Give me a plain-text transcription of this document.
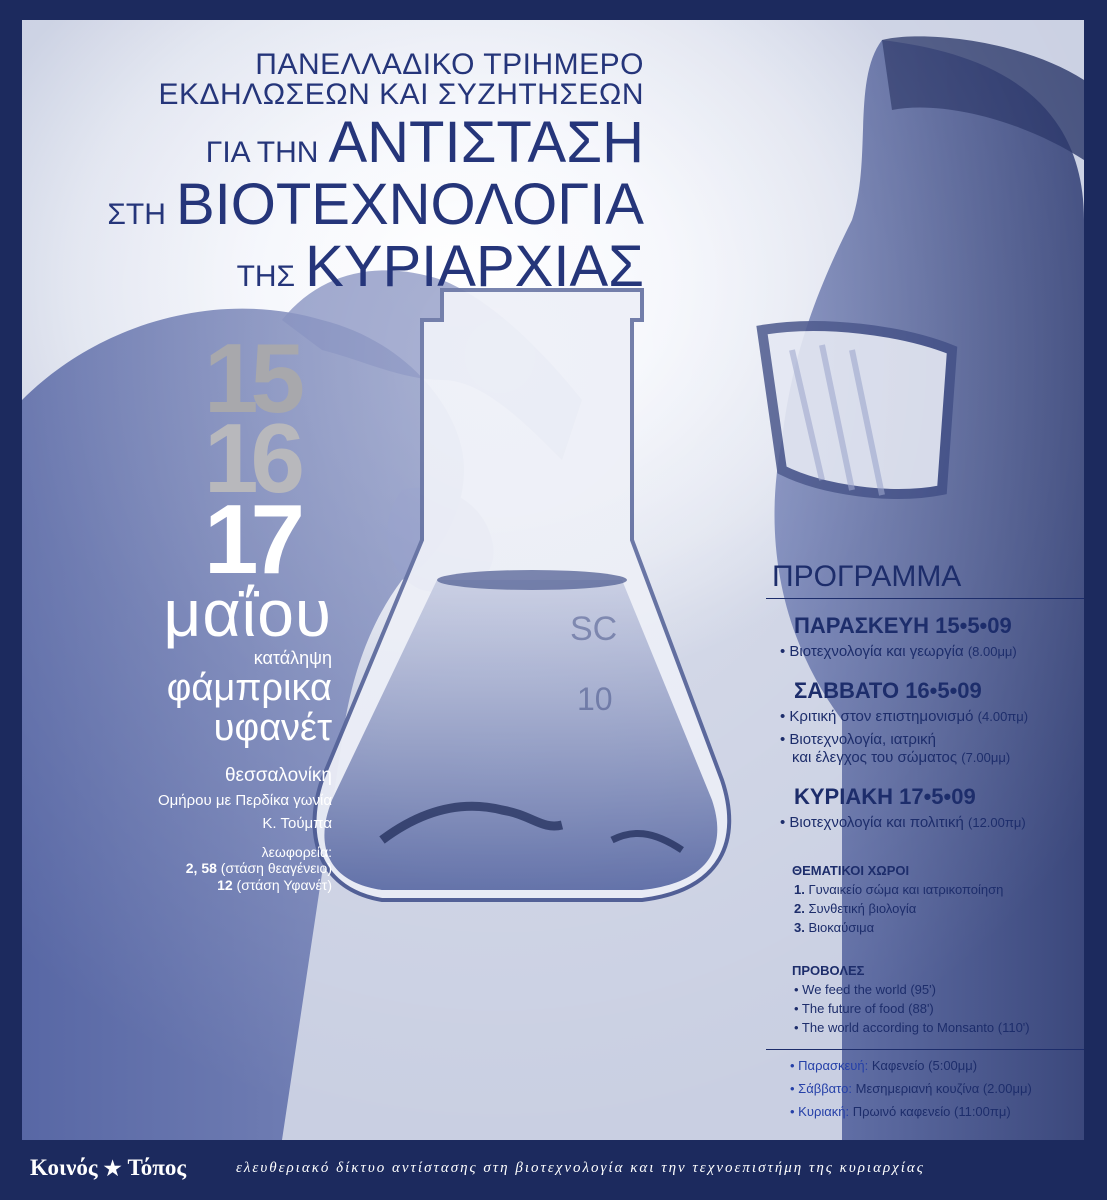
SC
10
ΠΑΝΕΛΛΑΔΙΚΟ ΤΡΙΗΜΕΡΟ
ΕΚΔΗΛΩΣΕΩΝ ΚΑΙ ΣΥΖΗΤΗΣΕΩΝ
ΓΙΑ ΤΗΝ ΑΝΤΙΣΤΑΣΗ
ΣΤΗ ΒΙΟΤΕΧΝΟΛΟΓΙΑ
ΤΗΣ ΚΥΡΙΑΡΧΙΑΣ
15
16
17
μαΐου
κατάληψη
φάμπρικα
υφανέτ
θεσσαλονίκη
Ομήρου με Περδίκα γωνία
Κ. Τούμπα
λεωφορεία:
2, 58 (στάση θεαγένειο)
12 (στάση Υφανέτ)
ΠΡΟΓΡΑΜΜΑ
ΠΑΡΑΣΚΕΥΗ 15•5•09
• Βιοτεχνολογία και γεωργία (8.00μμ)
ΣΑΒΒΑΤΟ 16•5•09
• Κριτική στον επιστημονισμό (4.00πμ)
• Βιοτεχνολογία, ιατρική
και έλεγχος του σώματος (7.00μμ)
ΚΥΡΙΑΚΗ 17•5•09
• Βιοτεχνολογία και πολιτική (12.00πμ)
ΘΕΜΑΤΙΚΟΙ ΧΩΡΟΙ
1. Γυναικείο σώμα και ιατρικοποίηση
2. Συνθετική βιολογία
3. Βιοκαύσιμα
ΠΡΟΒΟΛΕΣ
• We feed the world (95')
• The future of food (88')
• The world according to Monsanto (110')
• Παρασκευή: Καφενείο (5:00μμ)
• Σάββατο: Μεσημεριανή κουζίνα (2.00μμ)
• Κυριακή: Πρωινό καφενείο (11:00πμ)
Κοινός ★ Τόπος	ελευθεριακό δίκτυο αντίστασης στη βιοτεχνολογία και την τεχνοεπιστήμη της κυριαρχίας
